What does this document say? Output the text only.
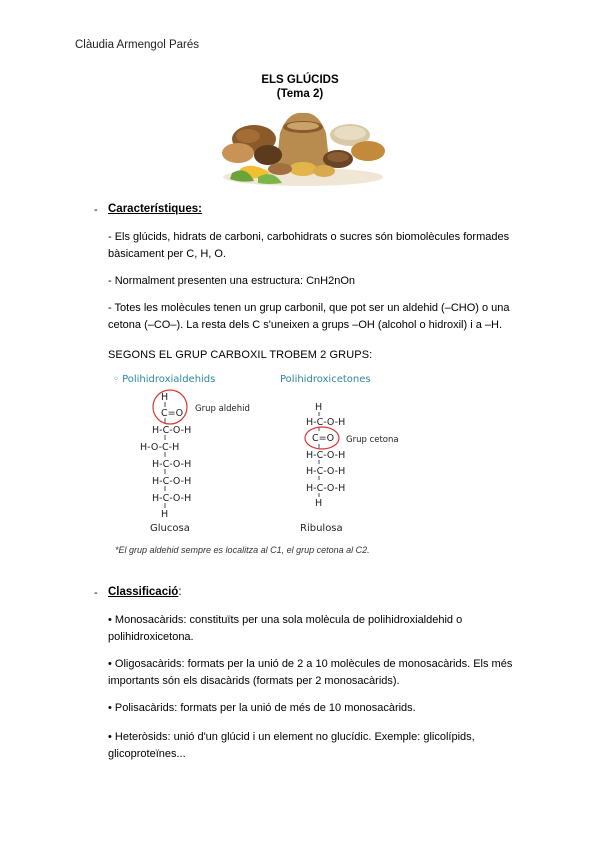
Clàudia Armengol Parés
ELS GLÚCIDS
(Tema 2)
- Característiques:
- Els glúcids, hidrats de carboni, carbohidrats o sucres són biomolècules formades bàsicament per C, H, O.
- Normalment presenten una estructura: CnH2nOn
- Totes les molècules tenen un grup carbonil, que pot ser un aldehid (–CHO) o una cetona (–CO–). La resta dels C s'uneixen a grups –OH (alcohol o hidroxil) i a –H.
SEGONS EL GRUP CARBOXIL TROBEM 2 GRUPS:
◦ Polihidroxialdehids	Polihidroxicetones
H
C=O
H-C-O-H
H-O-C-H
H-C-O-H
H-C-O-H
H-C-O-H
H
Grup aldehid
Glucosa
H
H-C-O-H
C=O
H-C-O-H
H-C-O-H
H-C-O-H
H
Grup cetona
Ribulosa
*El grup aldehid sempre es localitza al C1, el grup cetona al C2.
- Classificació:
• Monosacàrids: constituïts per una sola molècula de polihidroxialdehid o polihidroxicetona.
• Oligosacàrids: formats per la unió de 2 a 10 molècules de monosacàrids. Els més importants són els disacàrids (formats per 2 monosacàrids).
• Polisacàrids: formats per la unió de més de 10 monosacàrids.
• Heteròsids: unió d'un glúcid i un element no glucídic. Exemple: glicolípids, glicoproteïnes...
